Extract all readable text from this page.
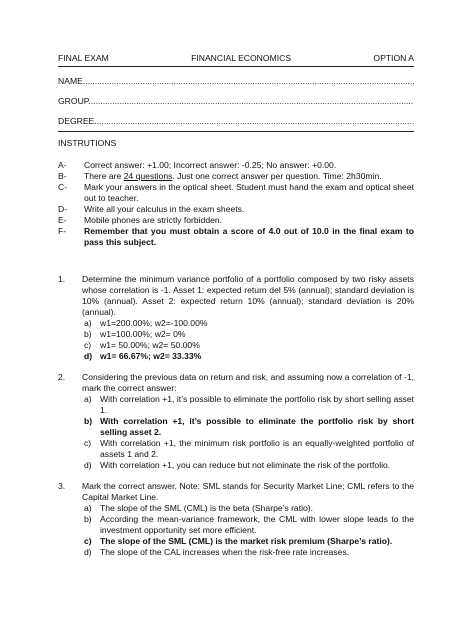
FINAL EXAM	FINANCIAL ECONOMICS	OPTION A
NAME .....
GROUP .....
DEGREE .....
INSTRUTIONS
A-	Correct answer: +1.00; Incorrect answer: -0.25; No answer: +0.00.
B-	There are 24 questions. Just one correct answer per question. Time: 2h30min.
C-	Mark your answers in the optical sheet. Student must hand the exam and optical sheet out to teacher.
D-	Write all your calculus in the exam sheets.
E-	Mobile phones are strictly forbidden.
F-	Remember that you must obtain a score of 4.0 out of 10.0 in the final exam to pass this subject.
1.	Determine the minimum variance portfolio of a portfolio composed by two risky assets whose correlation is -1. Asset 1: expected return del 5% (annual); standard deviation is 10% (annual). Asset 2: expected return 10% (annual); standard deviation is 20% (annual).
a) w1=200.00%; w2=-100.00%
b) w1=100.00%; w2= 0%
c)	w1= 50.00%; w2= 50.00%
d) w1= 66.67%; w2= 33.33%
2.	Considering the previous data on return and risk, and assuming now a correlation of -1, mark the correct answer:
a) With correlation +1, it’s possible to eliminate the portfolio risk by short selling asset 1.
b) With correlation +1, it’s possible to eliminate the portfolio risk by short selling asset 2.
c)	With correlation +1, the minimum risk portfolio is an equally-weighted portfolio of assets 1 and 2.
d) With correlation +1, you can reduce but not eliminate the risk of the portfolio.
3.	Mark the correct answer. Note: SML stands for Security Market Line; CML refers to the Capital Market Line.
a) The slope of the SML (CML) is the beta (Sharpe’s ratio).
b) According the mean-variance framework, the CML with lower slope leads to the investment opportunity set more efficient.
c) The slope of the SML (CML) is the market risk premium (Sharpe’s ratio).
d) The slope of the CAL increases when the risk-free rate increases.
